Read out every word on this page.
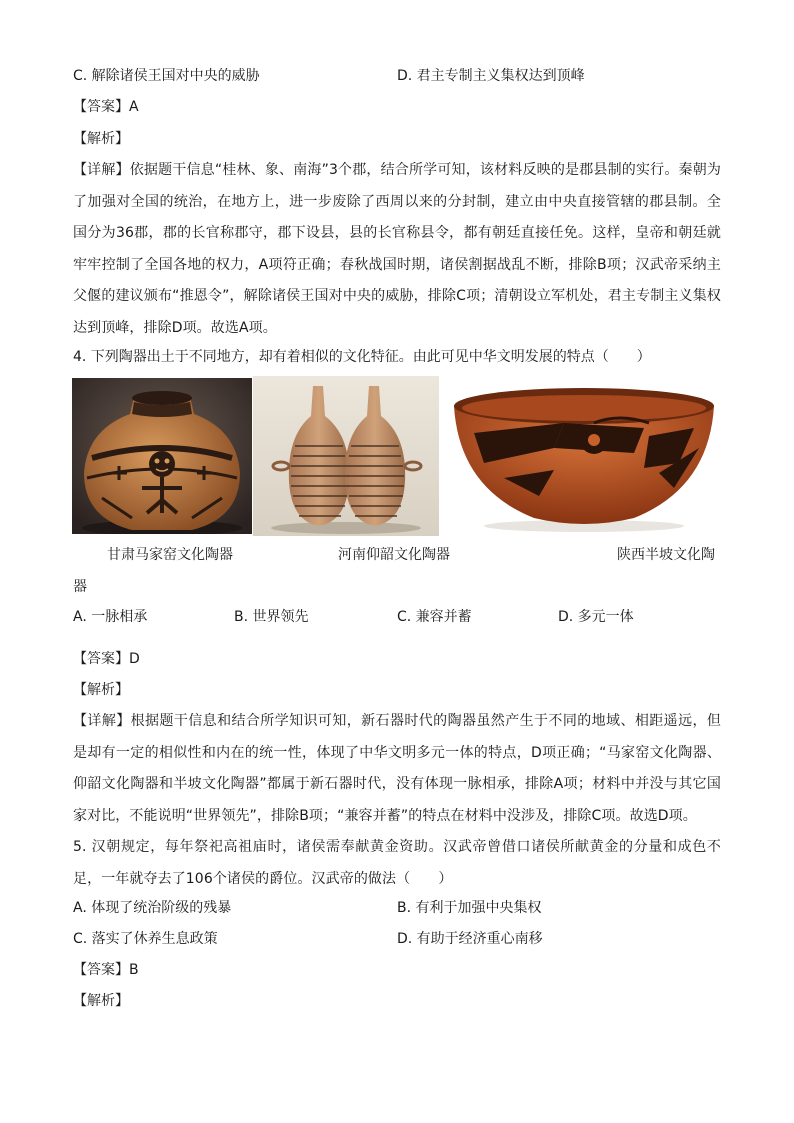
C. 解除诸侯王国对中央的威胁	D. 君主专制主义集权达到顶峰
【答案】A
【解析】
【详解】依据题干信息“桂林、象、南海”3个郡，结合所学可知，该材料反映的是郡县制的实行。秦朝为了加强对全国的统治，在地方上，进一步废除了西周以来的分封制，建立由中央直接管辖的郡县制。全国分为36郡，郡的长官称郡守，郡下设县，县的长官称县令，都有朝廷直接任免。这样，皇帝和朝廷就牢牢控制了全国各地的权力，A项符正确；春秋战国时期，诸侯割据战乱不断，排除B项；汉武帝采纳主父偃的建议颁布“推恩令”，解除诸侯王国对中央的威胁，排除C项；清朝设立军机处，君主专制主义集权达到顶峰，排除D项。故选A项。
4. 下列陶器出土于不同地方，却有着相似的文化特征。由此可见中华文明发展的特点（　　）
甘肃马家窑文化陶器	河南仰韶文化陶器	陕西半坡文化陶
器
A. 一脉相承	B. 世界领先	C. 兼容并蓄	D. 多元一体
【答案】D
【解析】
【详解】根据题干信息和结合所学知识可知，新石器时代的陶器虽然产生于不同的地域、相距遥远，但是却有一定的相似性和内在的统一性，体现了中华文明多元一体的特点，D项正确；“马家窑文化陶器、仰韶文化陶器和半坡文化陶器”都属于新石器时代，没有体现一脉相承，排除A项；材料中并没与其它国家对比，不能说明“世界领先”，排除B项；“兼容并蓄”的特点在材料中没涉及，排除C项。故选D项。
5. 汉朝规定，每年祭祀高祖庙时，诸侯需奉献黄金资助。汉武帝曾借口诸侯所献黄金的分量和成色不足，一年就夺去了106个诸侯的爵位。汉武帝的做法（　　）
A. 体现了统治阶级的残暴	B. 有利于加强中央集权
C. 落实了休养生息政策	D. 有助于经济重心南移
【答案】B
【解析】
